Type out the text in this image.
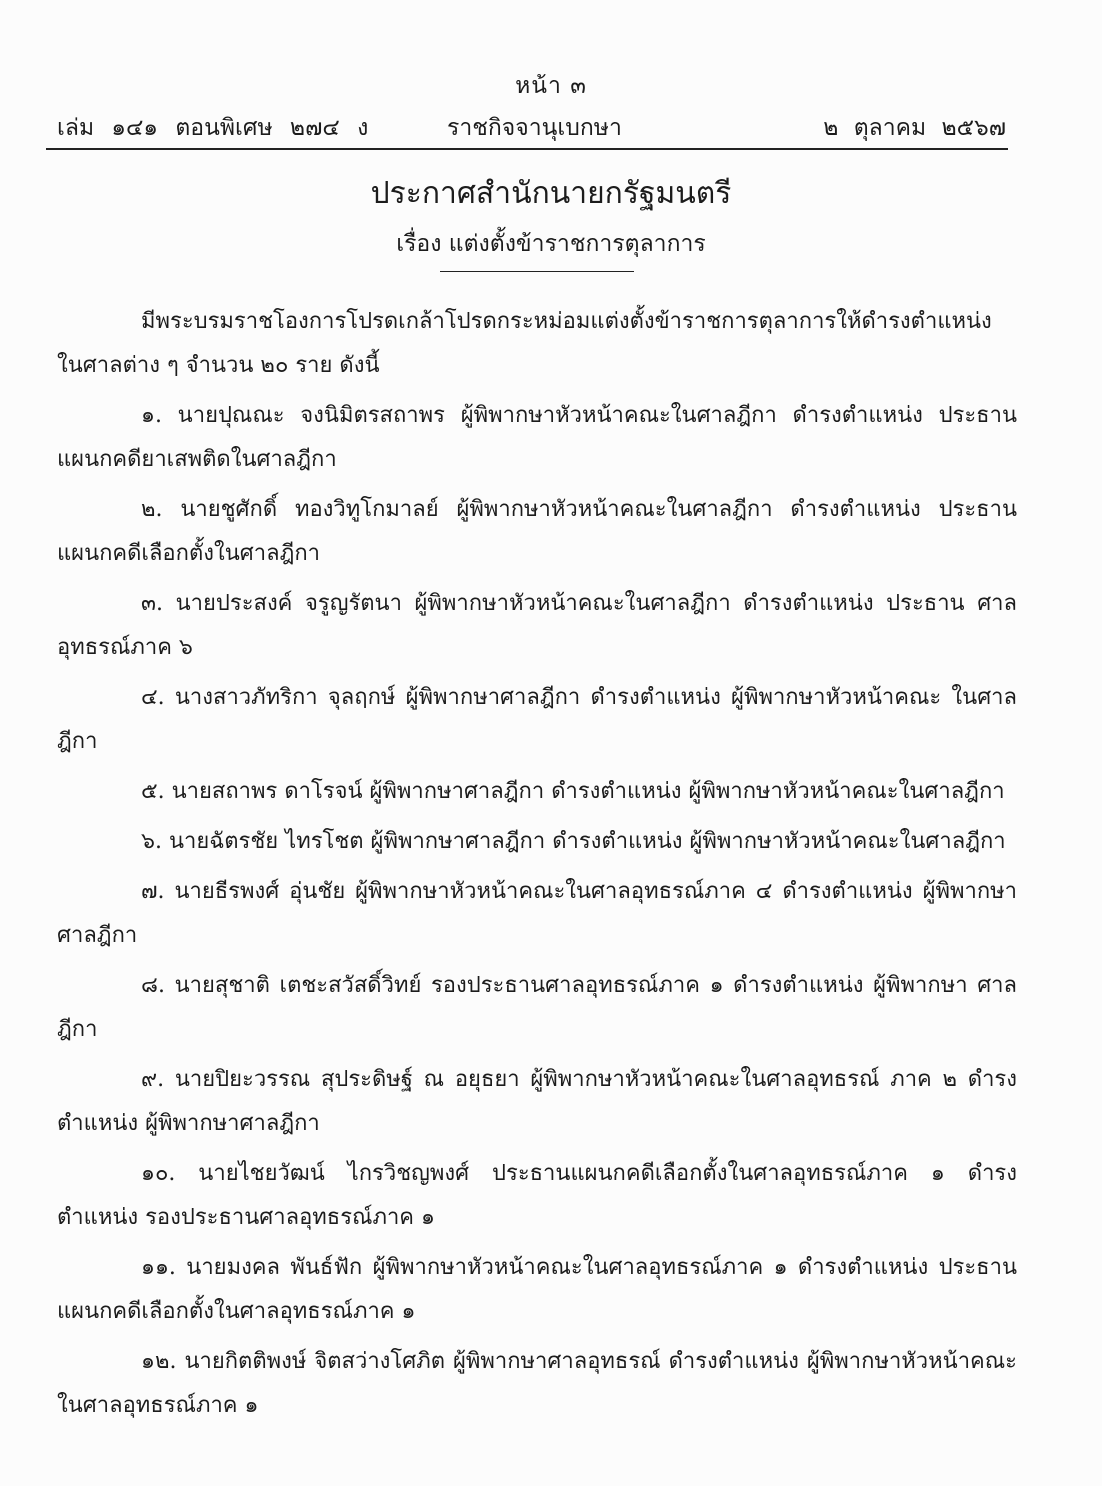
หน้า ๓
เล่ม ๑๔๑ ตอนพิเศษ ๒๗๔ ง	ราชกิจจานุเบกษา	๒ ตุลาคม ๒๕๖๗
ประกาศสำนักนายกรัฐมนตรี
เรื่อง แต่งตั้งข้าราชการตุลาการ

มีพระบรมราชโองการโปรดเกล้าโปรดกระหม่อมแต่งตั้งข้าราชการตุลาการให้ดำรงตำแหน่ง ในศาลต่าง ๆ จำนวน ๒๐ ราย ดังนี้

๑. นายปุณณะ จงนิมิตรสถาพร ผู้พิพากษาหัวหน้าคณะในศาลฎีกา ดำรงตำแหน่ง ประธานแผนกคดียาเสพติดในศาลฎีกา

๒. นายชูศักดิ์ ทองวิทูโกมาลย์ ผู้พิพากษาหัวหน้าคณะในศาลฎีกา ดำรงตำแหน่ง ประธานแผนกคดีเลือกตั้งในศาลฎีกา

๓. นายประสงค์ จรูญรัตนา ผู้พิพากษาหัวหน้าคณะในศาลฎีกา ดำรงตำแหน่ง ประธาน ศาลอุทธรณ์ภาค ๖

๔. นางสาวภัทริกา จุลฤกษ์ ผู้พิพากษาศาลฎีกา ดำรงตำแหน่ง ผู้พิพากษาหัวหน้าคณะ ในศาลฎีกา

๕. นายสถาพร ดาโรจน์ ผู้พิพากษาศาลฎีกา ดำรงตำแหน่ง ผู้พิพากษาหัวหน้าคณะในศาลฎีกา

๖. นายฉัตรชัย ไทรโชต ผู้พิพากษาศาลฎีกา ดำรงตำแหน่ง ผู้พิพากษาหัวหน้าคณะในศาลฎีกา

๗. นายธีรพงศ์ อุ่นชัย ผู้พิพากษาหัวหน้าคณะในศาลอุทธรณ์ภาค ๔ ดำรงตำแหน่ง ผู้พิพากษาศาลฎีกา

๘. นายสุชาติ เตชะสวัสดิ์วิทย์ รองประธานศาลอุทธรณ์ภาค ๑ ดำรงตำแหน่ง ผู้พิพากษา ศาลฎีกา

๙. นายปิยะวรรณ สุประดิษฐ์ ณ อยุธยา ผู้พิพากษาหัวหน้าคณะในศาลอุทธรณ์ ภาค ๒ ดำรงตำแหน่ง ผู้พิพากษาศาลฎีกา

๑๐. นายไชยวัฒน์ ไกรวิชญพงศ์ ประธานแผนกคดีเลือกตั้งในศาลอุทธรณ์ภาค ๑ ดำรงตำแหน่ง รองประธานศาลอุทธรณ์ภาค ๑

๑๑. นายมงคล พันธ์ฟัก ผู้พิพากษาหัวหน้าคณะในศาลอุทธรณ์ภาค ๑ ดำรงตำแหน่ง ประธานแผนกคดีเลือกตั้งในศาลอุทธรณ์ภาค ๑

๑๒. นายกิตติพงษ์ จิตสว่างโศภิต ผู้พิพากษาศาลอุทธรณ์ ดำรงตำแหน่ง ผู้พิพากษาหัวหน้าคณะ ในศาลอุทธรณ์ภาค ๑
